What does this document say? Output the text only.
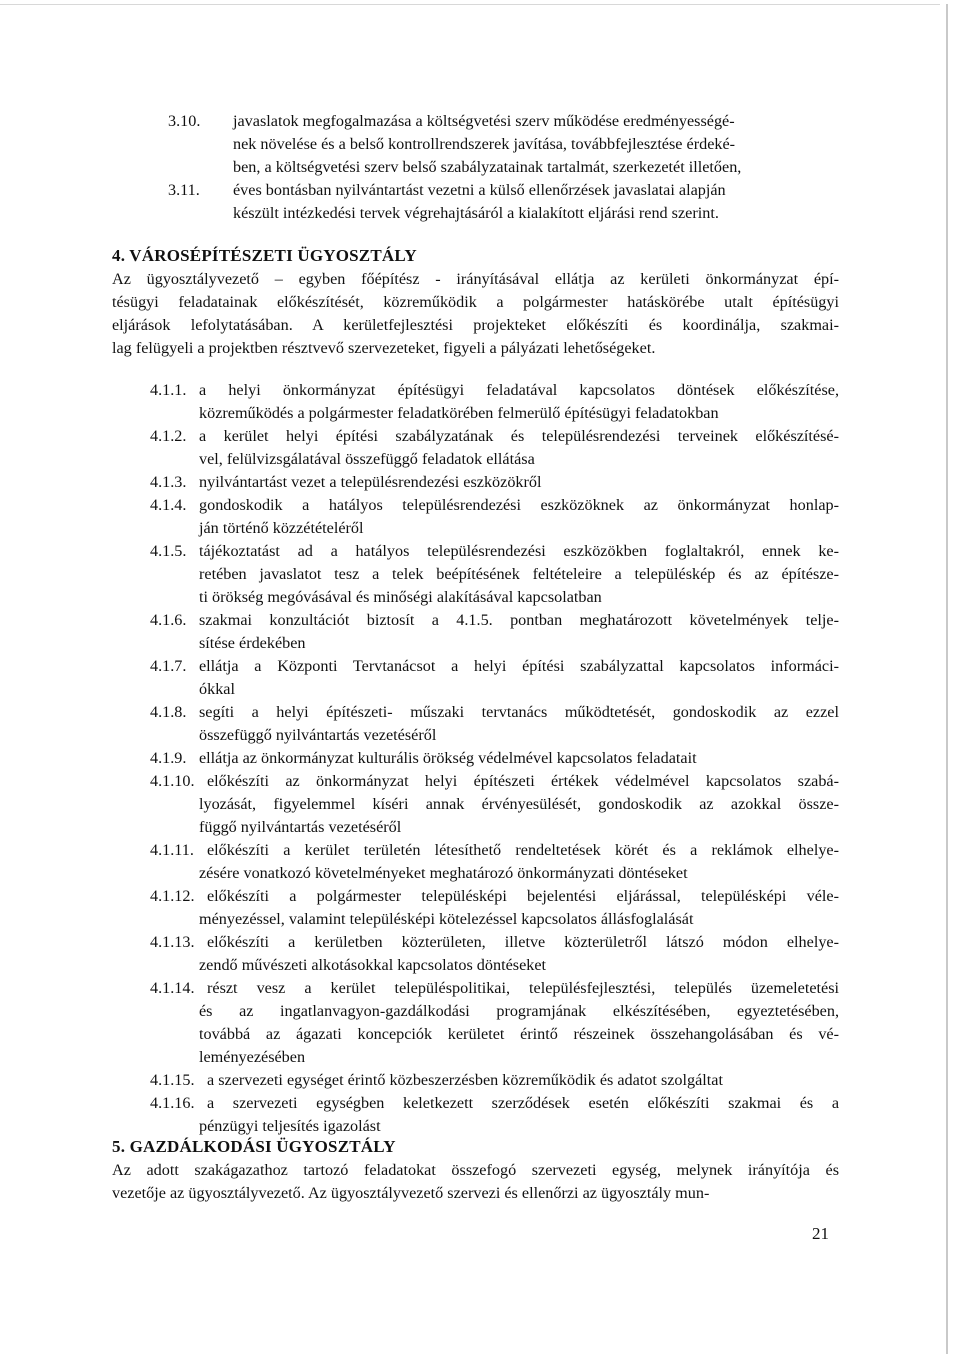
3.10. javaslatok megfogalmazása a költségvetési szerv működése eredményességé-
nek növelése és a belső kontrollrendszerek javítása, továbbfejlesztése érdeké-
ben, a költségvetési szerv belső szabályzatainak tartalmát, szerkezetét illetően,
3.11. éves bontásban nyilvántartást vezetni a külső ellenőrzések javaslatai alapján
készült intézkedési tervek végrehajtásáról a kialakított eljárási rend szerint.
4. VÁROSÉPÍTÉSZETI ÜGYOSZTÁLY
Az ügyosztályvezető – egyben főépítész - irányításával ellátja az kerületi önkormányzat épí-
tésügyi feladatainak előkészítését, közreműködik a polgármester hatáskörébe utalt építésügyi
eljárások lefolytatásában. A kerületfejlesztési projekteket előkészíti és koordinálja, szakmai-
lag felügyeli a projektben résztvevő szervezeteket, figyeli a pályázati lehetőségeket.
4.1.1. a helyi önkormányzat építésügyi feladatával kapcsolatos döntések előkészítése,
közreműködés a polgármester feladatkörében felmerülő építésügyi feladatokban
4.1.2. a kerület helyi építési szabályzatának és településrendezési terveinek előkészítésé-
vel, felülvizsgálatával összefüggő feladatok ellátása
4.1.3. nyilvántartást vezet a településrendezési eszközökről
4.1.4. gondoskodik a hatályos településrendezési eszközöknek az önkormányzat honlap-
ján történő közzétételéről
4.1.5. tájékoztatást ad a hatályos településrendezési eszközökben foglaltakról, ennek ke-
retében javaslatot tesz a telek beépítésének feltételeire a településkép és az építésze-
ti örökség megóvásával és minőségi alakításával kapcsolatban
4.1.6. szakmai konzultációt biztosít a 4.1.5. pontban meghatározott követelmények telje-
sítése érdekében
4.1.7. ellátja a Központi Tervtanácsot a helyi építési szabályzattal kapcsolatos informáci-
ókkal
4.1.8. segíti a helyi építészeti- műszaki tervtanács működtetését, gondoskodik az ezzel
összefüggő nyilvántartás vezetéséről
4.1.9. ellátja az önkormányzat kulturális örökség védelmével kapcsolatos feladatait
4.1.10. előkészíti az önkormányzat helyi építészeti értékek védelmével kapcsolatos szabá-
lyozását, figyelemmel kíséri annak érvényesülését, gondoskodik az azokkal össze-
függő nyilvántartás vezetéséről
4.1.11. előkészíti a kerület területén létesíthető rendeltetések körét és a reklámok elhelye-
zésére vonatkozó követelményeket meghatározó önkormányzati döntéseket
4.1.12. előkészíti a polgármester településképi bejelentési eljárással, településképi véle-
ményezéssel, valamint településképi kötelezéssel kapcsolatos állásfoglalását
4.1.13. előkészíti a kerületben közterületen, illetve közterületről látszó módon elhelye-
zendő művészeti alkotásokkal kapcsolatos döntéseket
4.1.14. részt vesz a kerület településpolitikai, településfejlesztési, település üzemeletetési
és az ingatlanvagyon-gazdálkodási programjának elkészítésében, egyeztetésében,
továbbá az ágazati koncepciók kerületet érintő részeinek összehangolásában és vé-
leményezésében
4.1.15. a szervezeti egységet érintő közbeszerzésben közreműködik és adatot szolgáltat
4.1.16. a szervezeti egységben keletkezett szerződések esetén előkészíti szakmai és a
pénzügyi teljesítés igazolást
5. GAZDÁLKODÁSI ÜGYOSZTÁLY
Az adott szakágazathoz tartozó feladatokat összefogó szervezeti egység, melynek irányítója és
vezetője az ügyosztályvezető. Az ügyosztályvezető szervezi és ellenőrzi az ügyosztály mun-
21
